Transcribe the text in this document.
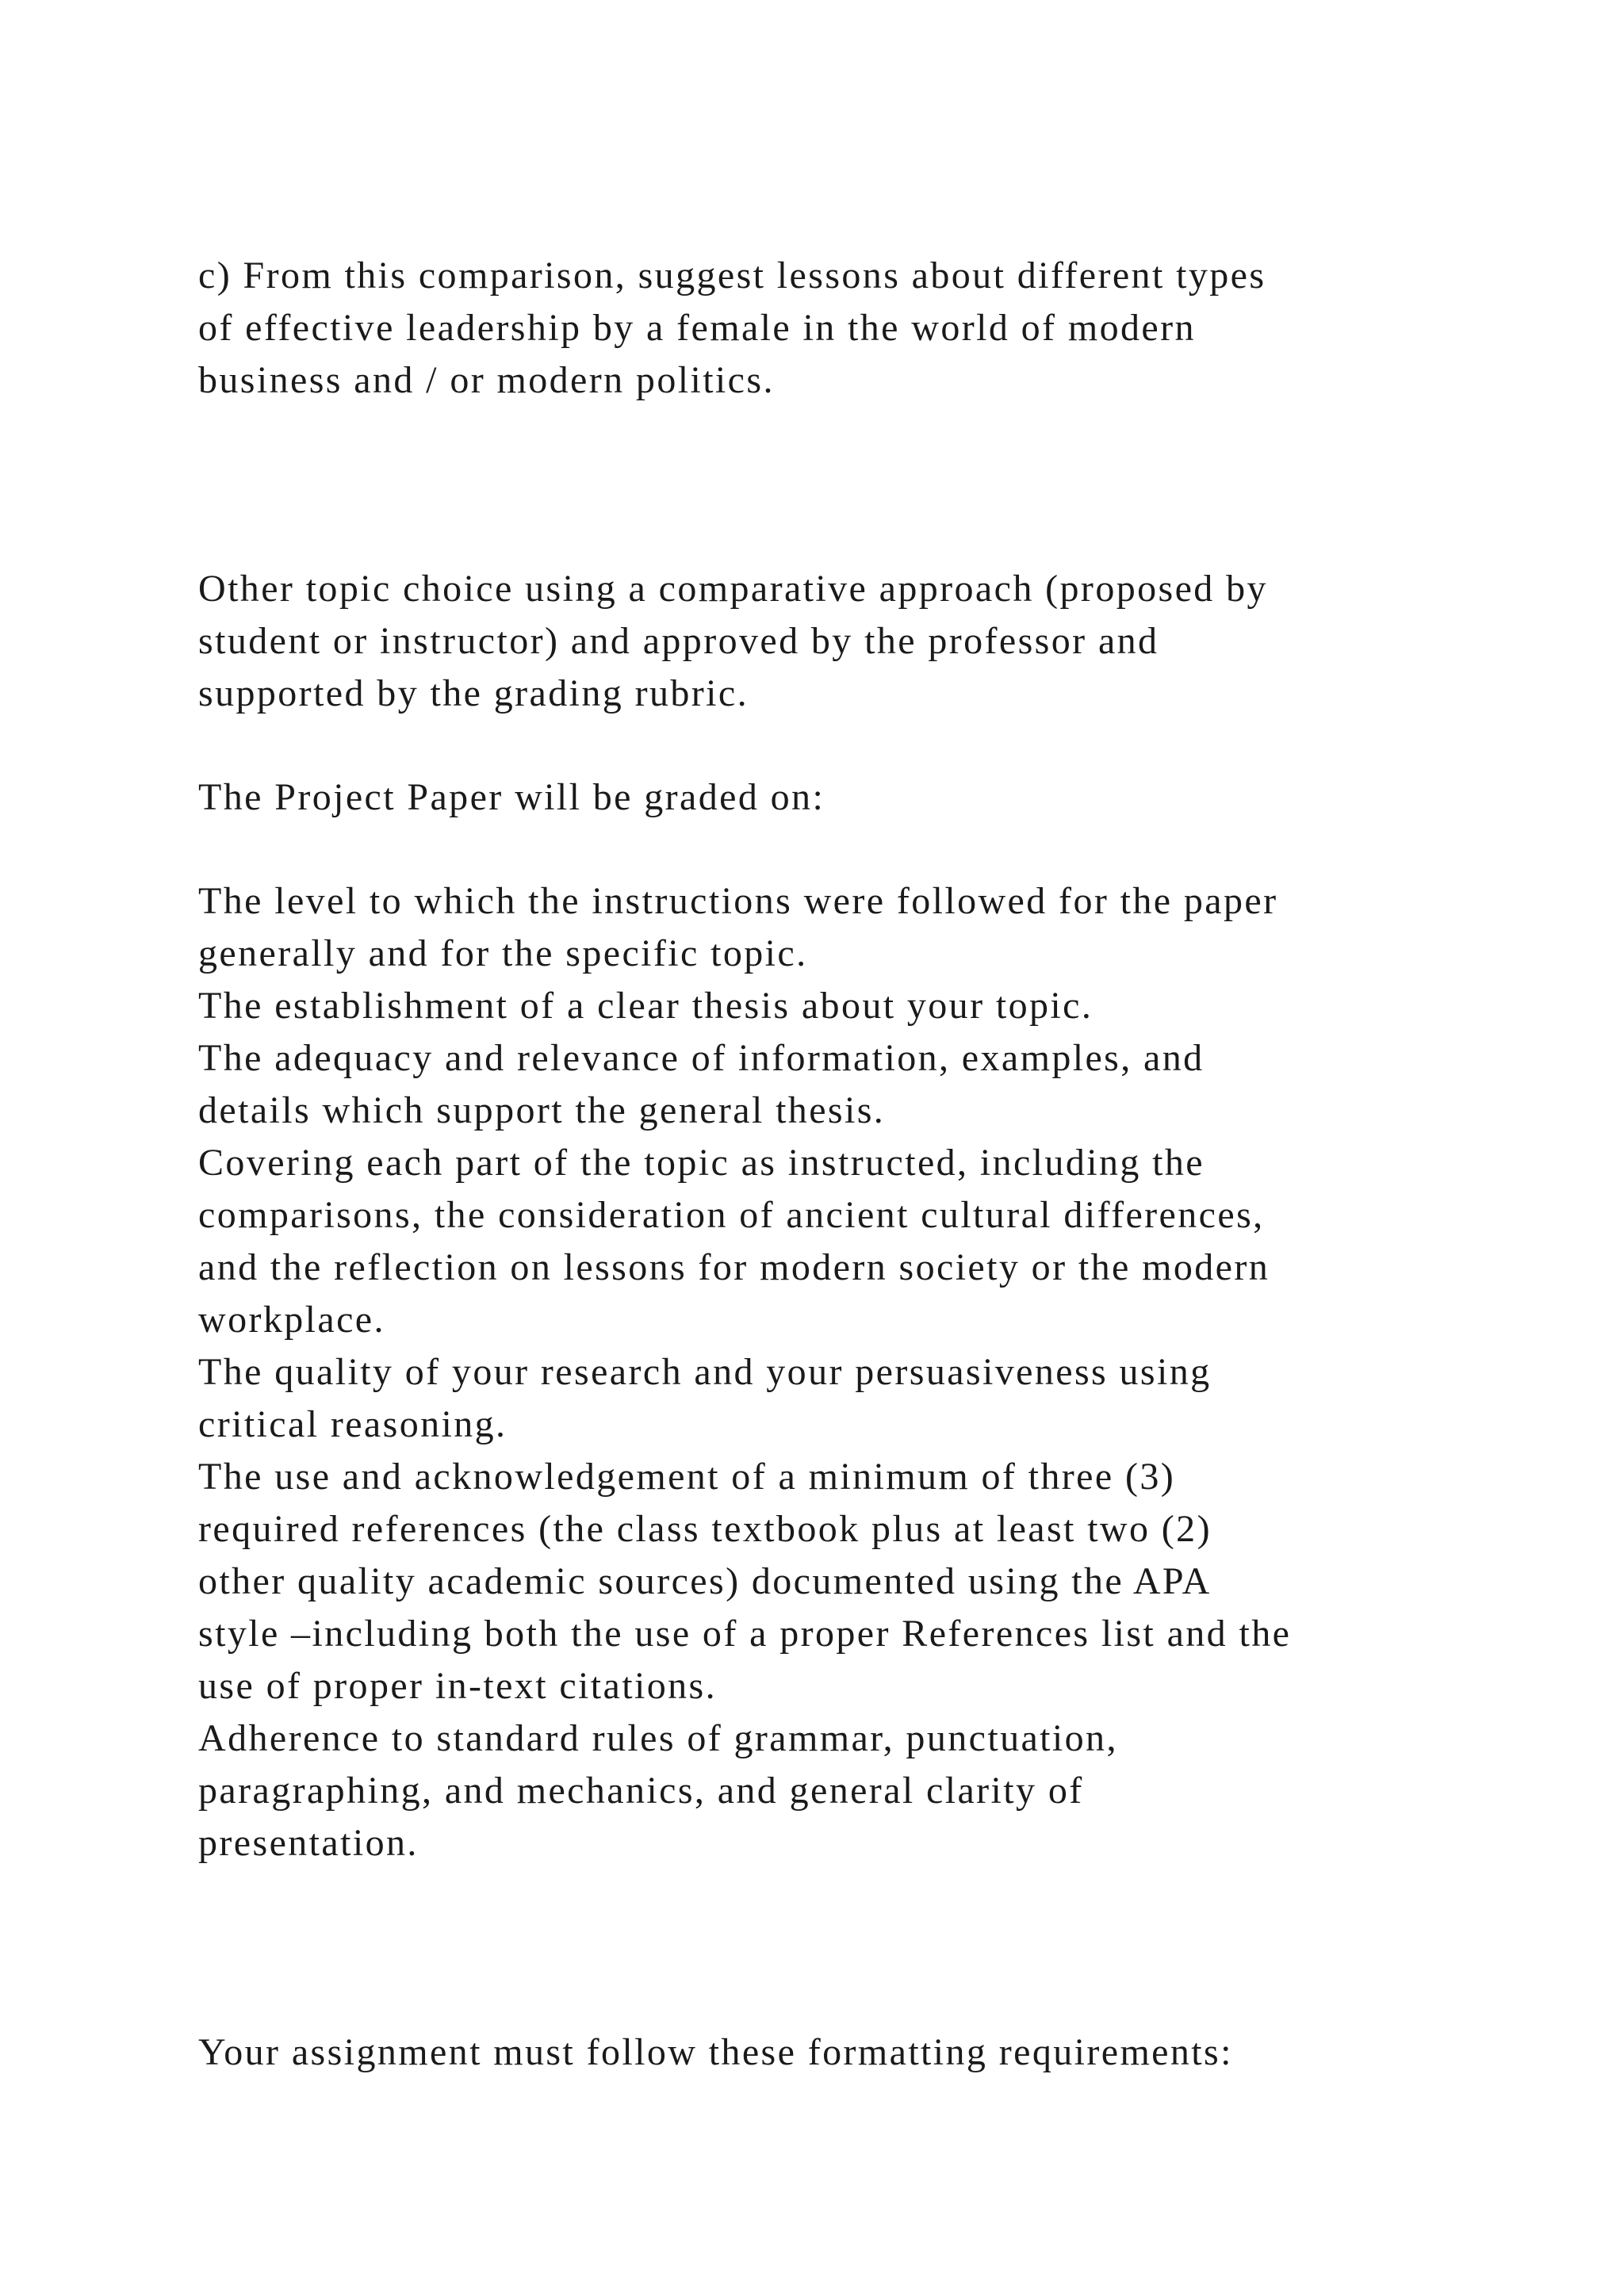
c) From this comparison, suggest lessons about different types

of effective leadership by a female in the world of modern

business and / or modern politics.

Other topic choice using a comparative approach (proposed by

student or instructor) and approved by the professor and

supported by the grading rubric.

The Project Paper will be graded on:

The level to which the instructions were followed for the paper

generally and for the specific topic.

The establishment of a clear thesis about your topic.

The adequacy and relevance of information, examples, and

details which support the general thesis.

Covering each part of the topic as instructed, including the

comparisons, the consideration of ancient cultural differences,

and the reflection on lessons for modern society or the modern

workplace.

The quality of your research and your persuasiveness using

critical reasoning.

The use and acknowledgement of a minimum of three (3)

required references (the class textbook plus at least two (2)

other quality academic sources) documented using the APA

style –including both the use of a proper References list and the

use of proper in-text citations.

Adherence to standard rules of grammar, punctuation,

paragraphing, and mechanics, and general clarity of

presentation.

Your assignment must follow these formatting requirements:
